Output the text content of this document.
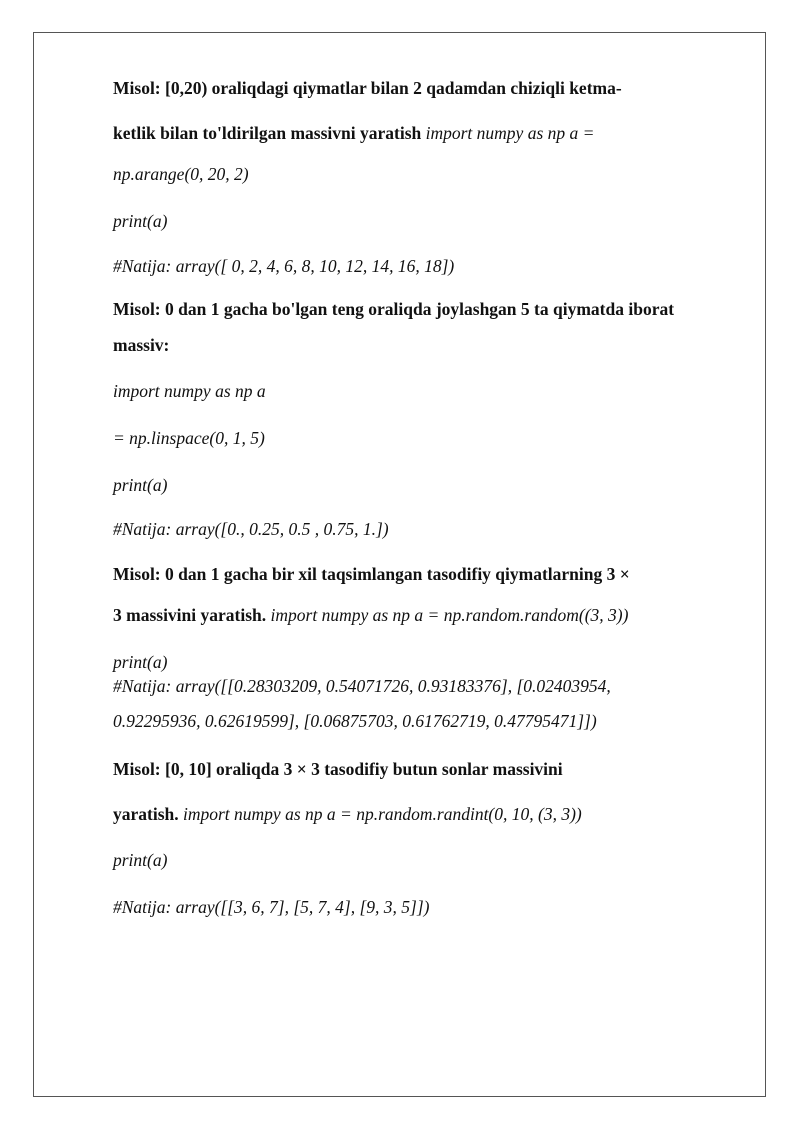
Misol: [0,20) oraliqdagi qiymatlar bilan 2 qadamdan chiziqli ketma-
ketlik bilan to'ldirilgan massivni yaratish import numpy as np a =
np.arange(0, 20, 2)
print(a)
#Natija: array([ 0, 2, 4, 6, 8, 10, 12, 14, 16, 18])
Misol: 0 dan 1 gacha bo'lgan teng oraliqda joylashgan 5 ta qiymatda iborat
massiv:
import numpy as np a
= np.linspace(0, 1, 5)
print(a)
#Natija: array([0., 0.25, 0.5 , 0.75, 1.])
Misol: 0 dan 1 gacha bir xil taqsimlangan tasodifiy qiymatlarning 3 ×
3 massivini yaratish. import numpy as np a = np.random.random((3, 3))
print(a)
#Natija: array([[0.28303209, 0.54071726, 0.93183376], [0.02403954,
0.92295936, 0.62619599], [0.06875703, 0.61762719, 0.47795471]])
Misol: [0, 10] oraliqda 3 × 3 tasodifiy butun sonlar massivini
yaratish. import numpy as np a = np.random.randint(0, 10, (3, 3))
print(a)
#Natija: array([[3, 6, 7], [5, 7, 4], [9, 3, 5]])
